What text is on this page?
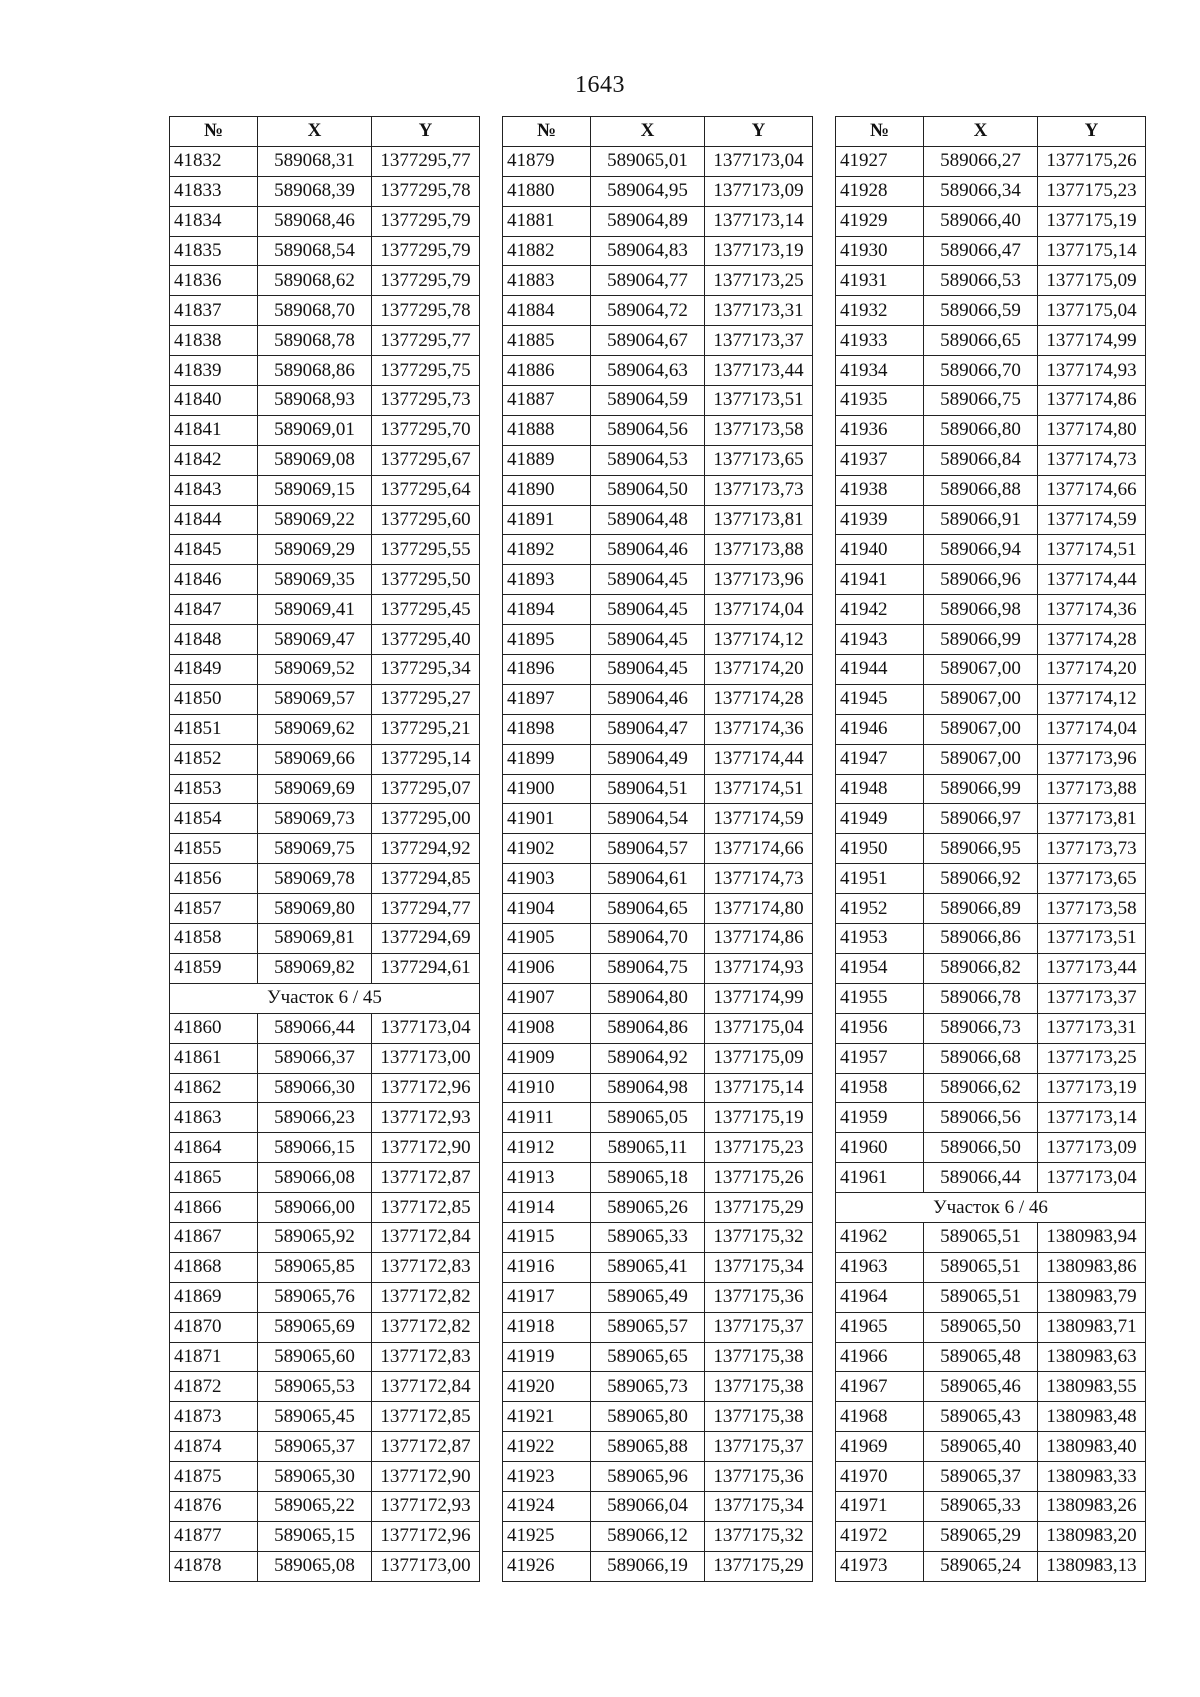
1643
№	X	Y
41832	589068,31	1377295,77
41833	589068,39	1377295,78
41834	589068,46	1377295,79
41835	589068,54	1377295,79
41836	589068,62	1377295,79
41837	589068,70	1377295,78
41838	589068,78	1377295,77
41839	589068,86	1377295,75
41840	589068,93	1377295,73
41841	589069,01	1377295,70
41842	589069,08	1377295,67
41843	589069,15	1377295,64
41844	589069,22	1377295,60
41845	589069,29	1377295,55
41846	589069,35	1377295,50
41847	589069,41	1377295,45
41848	589069,47	1377295,40
41849	589069,52	1377295,34
41850	589069,57	1377295,27
41851	589069,62	1377295,21
41852	589069,66	1377295,14
41853	589069,69	1377295,07
41854	589069,73	1377295,00
41855	589069,75	1377294,92
41856	589069,78	1377294,85
41857	589069,80	1377294,77
41858	589069,81	1377294,69
41859	589069,82	1377294,61
Участок 6 / 45		
41860	589066,44	1377173,04
41861	589066,37	1377173,00
41862	589066,30	1377172,96
41863	589066,23	1377172,93
41864	589066,15	1377172,90
41865	589066,08	1377172,87
41866	589066,00	1377172,85
41867	589065,92	1377172,84
41868	589065,85	1377172,83
41869	589065,76	1377172,82
41870	589065,69	1377172,82
41871	589065,60	1377172,83
41872	589065,53	1377172,84
41873	589065,45	1377172,85
41874	589065,37	1377172,87
41875	589065,30	1377172,90
41876	589065,22	1377172,93
41877	589065,15	1377172,96
41878	589065,08	1377173,00
№	X	Y
41879	589065,01	1377173,04
41880	589064,95	1377173,09
41881	589064,89	1377173,14
41882	589064,83	1377173,19
41883	589064,77	1377173,25
41884	589064,72	1377173,31
41885	589064,67	1377173,37
41886	589064,63	1377173,44
41887	589064,59	1377173,51
41888	589064,56	1377173,58
41889	589064,53	1377173,65
41890	589064,50	1377173,73
41891	589064,48	1377173,81
41892	589064,46	1377173,88
41893	589064,45	1377173,96
41894	589064,45	1377174,04
41895	589064,45	1377174,12
41896	589064,45	1377174,20
41897	589064,46	1377174,28
41898	589064,47	1377174,36
41899	589064,49	1377174,44
41900	589064,51	1377174,51
41901	589064,54	1377174,59
41902	589064,57	1377174,66
41903	589064,61	1377174,73
41904	589064,65	1377174,80
41905	589064,70	1377174,86
41906	589064,75	1377174,93
41907	589064,80	1377174,99
41908	589064,86	1377175,04
41909	589064,92	1377175,09
41910	589064,98	1377175,14
41911	589065,05	1377175,19
41912	589065,11	1377175,23
41913	589065,18	1377175,26
41914	589065,26	1377175,29
41915	589065,33	1377175,32
41916	589065,41	1377175,34
41917	589065,49	1377175,36
41918	589065,57	1377175,37
41919	589065,65	1377175,38
41920	589065,73	1377175,38
41921	589065,80	1377175,38
41922	589065,88	1377175,37
41923	589065,96	1377175,36
41924	589066,04	1377175,34
41925	589066,12	1377175,32
41926	589066,19	1377175,29
№	X	Y
41927	589066,27	1377175,26
41928	589066,34	1377175,23
41929	589066,40	1377175,19
41930	589066,47	1377175,14
41931	589066,53	1377175,09
41932	589066,59	1377175,04
41933	589066,65	1377174,99
41934	589066,70	1377174,93
41935	589066,75	1377174,86
41936	589066,80	1377174,80
41937	589066,84	1377174,73
41938	589066,88	1377174,66
41939	589066,91	1377174,59
41940	589066,94	1377174,51
41941	589066,96	1377174,44
41942	589066,98	1377174,36
41943	589066,99	1377174,28
41944	589067,00	1377174,20
41945	589067,00	1377174,12
41946	589067,00	1377174,04
41947	589067,00	1377173,96
41948	589066,99	1377173,88
41949	589066,97	1377173,81
41950	589066,95	1377173,73
41951	589066,92	1377173,65
41952	589066,89	1377173,58
41953	589066,86	1377173,51
41954	589066,82	1377173,44
41955	589066,78	1377173,37
41956	589066,73	1377173,31
41957	589066,68	1377173,25
41958	589066,62	1377173,19
41959	589066,56	1377173,14
41960	589066,50	1377173,09
41961	589066,44	1377173,04
Участок 6 / 46		
41962	589065,51	1380983,94
41963	589065,51	1380983,86
41964	589065,51	1380983,79
41965	589065,50	1380983,71
41966	589065,48	1380983,63
41967	589065,46	1380983,55
41968	589065,43	1380983,48
41969	589065,40	1380983,40
41970	589065,37	1380983,33
41971	589065,33	1380983,26
41972	589065,29	1380983,20
41973	589065,24	1380983,13
